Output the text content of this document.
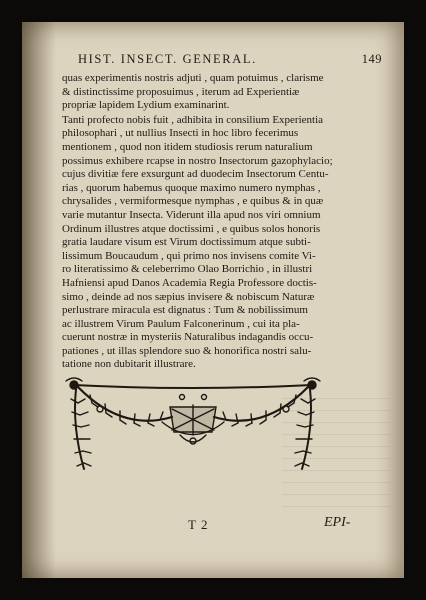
HIST. INSECT. GENERAL.	149
quas experimentis nostris adjuti , quam potuimus , clarisme
& distinctissime proposuimus , iterum ad Experientiæ
propriæ lapidem Lydium examinarint.
Tanti profecto nobis fuit , adhibita in consilium Experientia
philosophari , ut nullius Insecti in hoc libro fecerimus
mentionem , quod non itidem studiosis rerum naturalium
possimus exhibere rcapse in nostro Insectorum gazophylacio;
cujus divitiæ fere exsurgunt ad duodecim Insectorum Centu-
rias , quorum habemus quoque maximo numero nymphas ,
chrysalides , vermiformesque nymphas , e quibus & in quæ
varie mutantur Insecta. Viderunt illa apud nos viri omnium
Ordinum illustres atque doctissimi , e quibus solos honoris
gratia laudare visum est Virum doctissimum atque subti-
lissimum Boucaudum , qui primo nos invisens comite Vi-
ro literatissimo & celeberrimo Olao Borrichio , in illustri
Hafniensi apud Danos Academia Regia Professore doctis-
simo , deinde ad nos sæpius invisere & nobiscum Naturæ
perlustrare miracula est dignatus : Tum & nobilissimum
ac illustrem Virum Paulum Falconerinum , cui ita pla-
cuerunt nostræ in mysteriis Naturalibus indagandis occu-
pationes , ut illas splendore suo & honorifica nostri salu-
tatione non dubitarit illustrare.
T 2	EPI-
